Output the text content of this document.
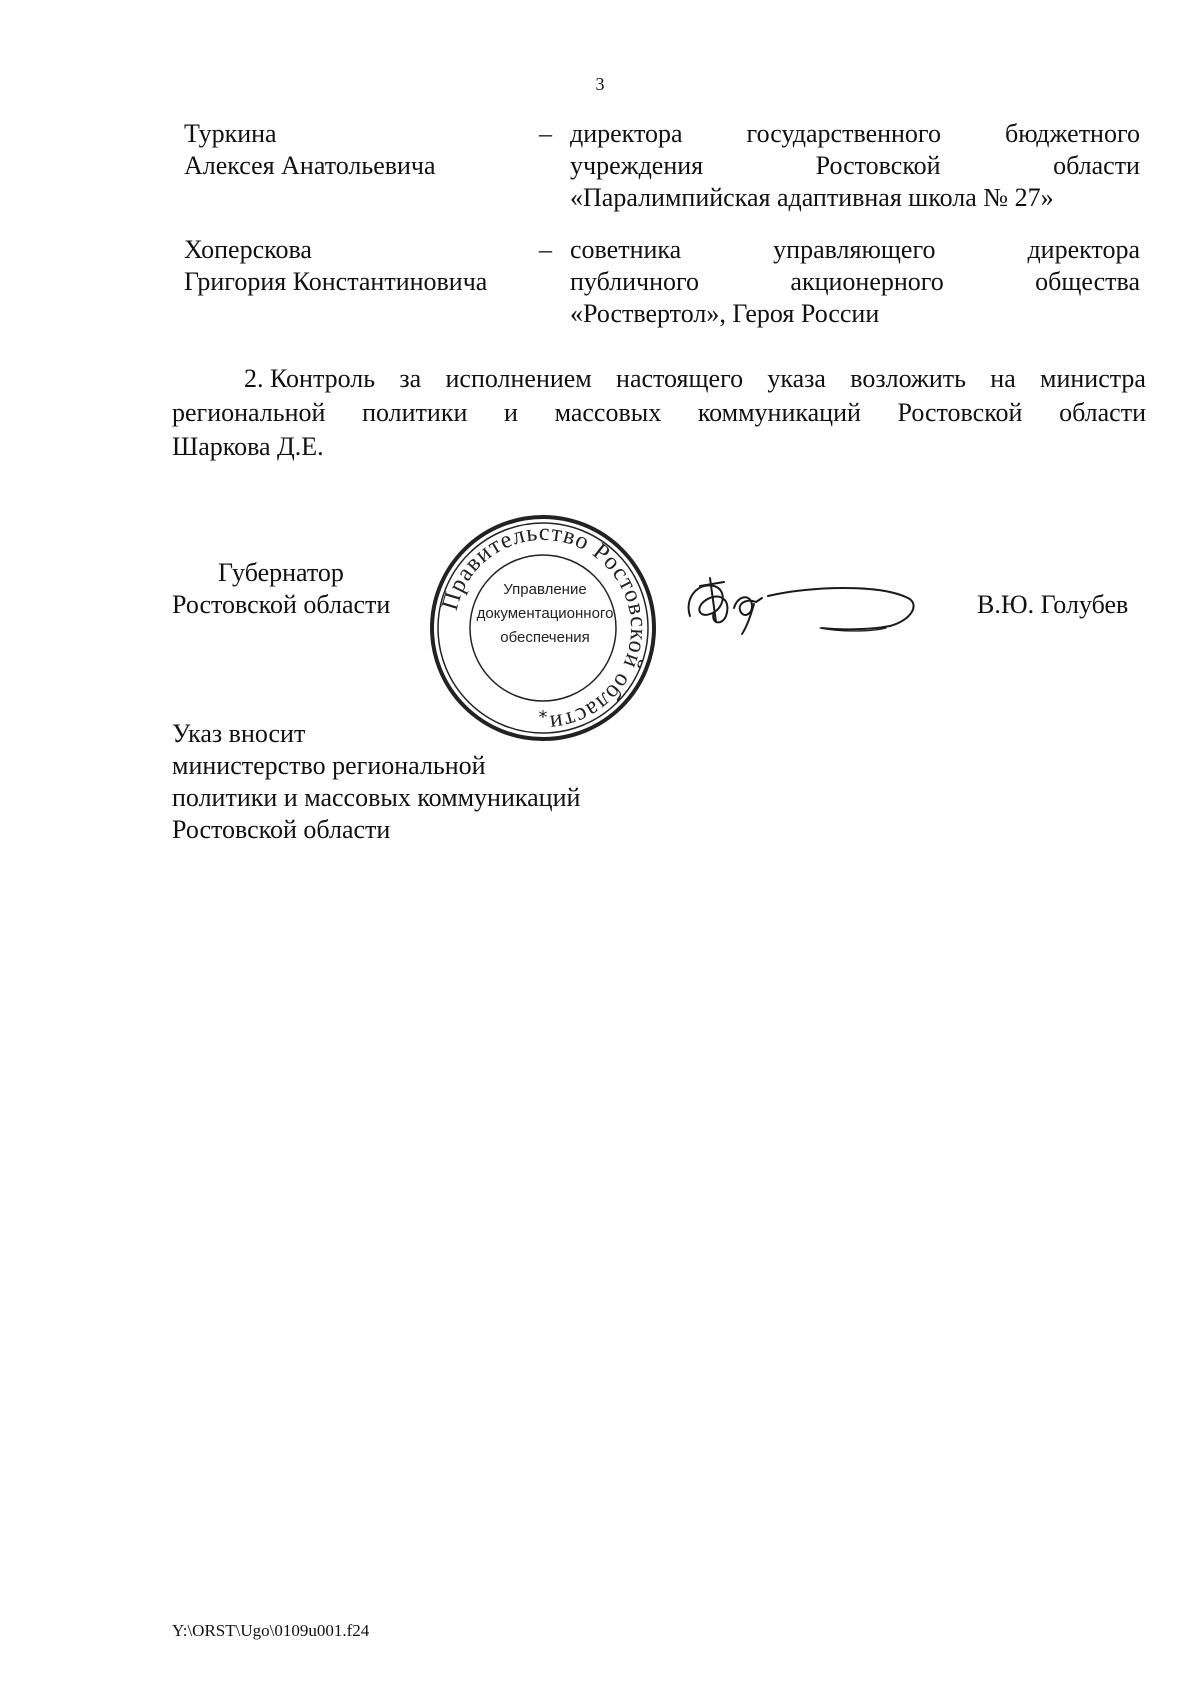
3
Туркина
Алексея Анатольевича
– директора государственного бюджетного
учреждения	Ростовской	области
«Паралимпийская адаптивная школа № 27»
Хоперскова
Григория Константиновича
– советника	управляющего	директора
публичного	акционерного	общества
«Роствертол», Героя России
2. Контроль за исполнением настоящего указа возложить на министра
региональной политики и массовых коммуникаций Ростовской области
Шаркова Д.Е.
Губернатор
Ростовской области Правительство Ростовской области
*
Управление
документационного
обеспечения
В.Ю. Голубев
Указ вносит
министерство региональной
политики и массовых коммуникаций
Ростовской области
Y:\ORST\Ugo\0109u001.f24
